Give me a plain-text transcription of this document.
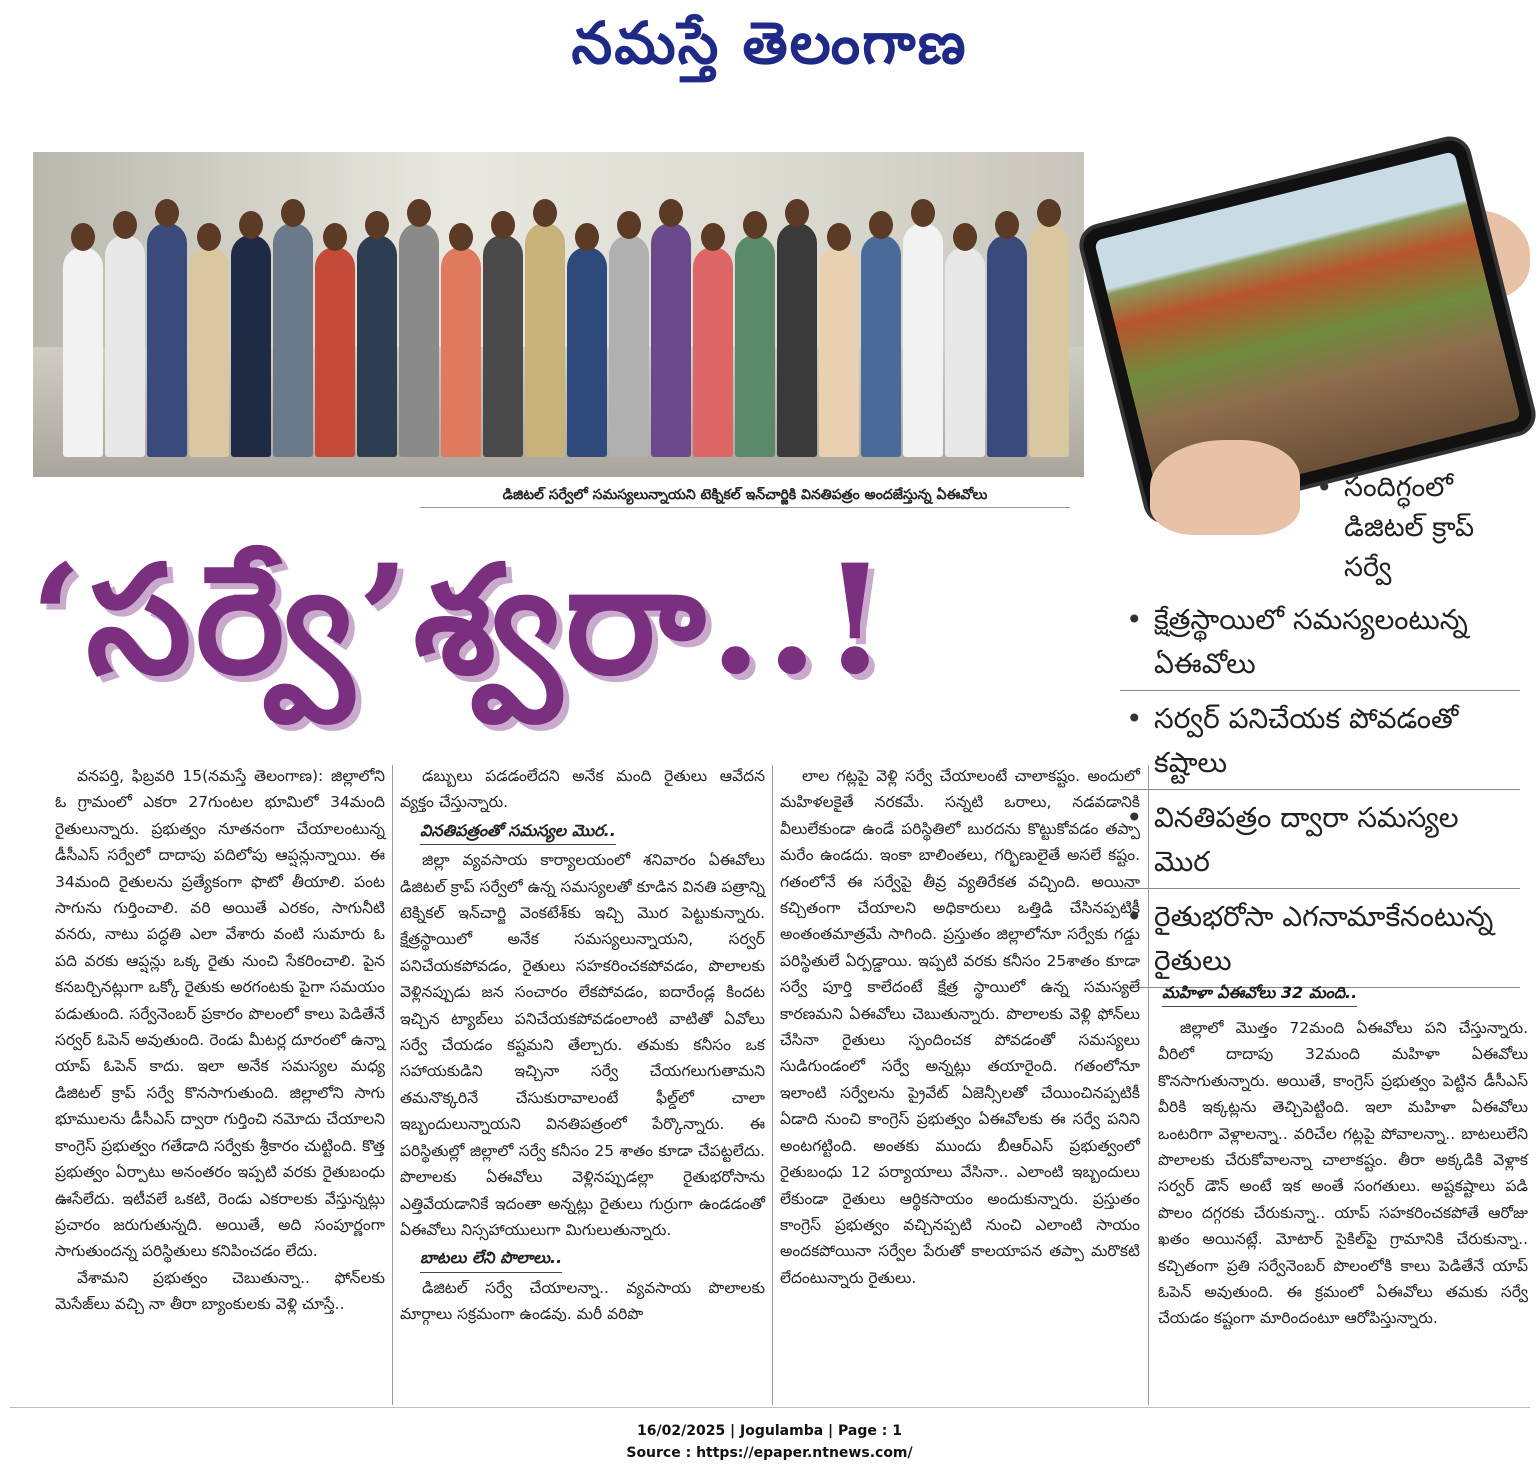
నమస్తే తెలంగాణ
డిజిటల్ సర్వేలో సమస్యలున్నాయని టెక్నికల్ ఇన్‌చార్జికి వినతిపత్రం అందజేస్తున్న ఏఈవోలు
‘సర్వే’శ్వరా..!
• సందిగ్ధంలో డిజిటల్ క్రాప్ సర్వే
• క్షేత్రస్థాయిలో సమస్యలంటున్న ఏఈవోలు
• సర్వర్ పనిచేయక పోవడంతో కష్టాలు
• వినతిపత్రం ద్వారా సమస్యల మొర
• రైతుభరోసా ఎగనామాకేనంటున్న రైతులు

వనపర్తి, ఫిబ్రవరి 15(నమస్తే తెలంగాణ): జిల్లాలోని ఓ గ్రామంలో ఎకరా 27గుంటల భూమిలో 34మంది రైతులున్నారు. ప్రభుత్వం నూతనంగా చేయాలంటున్న డీసీఎస్ సర్వేలో దాదాపు పదిలోపు ఆప్షన్లున్నాయి. ఈ 34మంది రైతులను ప్రత్యేకంగా ఫొటో తీయాలి. పంట సాగును గుర్తించాలి. వరి అయితే ఎరకం, సాగునీటి వనరు, నాటు పద్ధతి ఎలా వేశారు వంటి సుమారు ఓ పది వరకు ఆప్షన్లు ఒక్క రైతు నుంచి సేకరించాలి. పైన కనబర్చినట్లుగా ఒక్కో రైతుకు అరగంటకు పైగా సమయం పడుతుంది. సర్వేనెంబర్ ప్రకారం పొలంలో కాలు పెడితేనే సర్వర్ ఓపెన్ అవుతుంది. రెండు మీటర్ల దూరంలో ఉన్నా యాప్ ఓపెన్ కాదు. ఇలా అనేక సమస్యల మధ్య డిజిటల్ క్రాప్ సర్వే కొనసాగుతుంది. జిల్లాలోని సాగు భూములను డీసీఎస్ ద్వారా గుర్తించి నమోదు చేయాలని కాంగ్రెస్ ప్రభుత్వం గతేడాది సర్వేకు శ్రీకారం చుట్టింది. కొత్త ప్రభుత్వం ఏర్పాటు అనంతరం ఇప్పటి వరకు రైతుబంధు ఊసేలేదు. ఇటీవలే ఒకటి, రెండు ఎకరాలకు వేస్తున్నట్లు ప్రచారం జరుగుతున్నది. అయితే, అది సంపూర్ణంగా సాగుతుందన్న పరిస్థితులు కనిపించడం లేదు.

వేశామని ప్రభుత్వం చెబుతున్నా.. ఫోన్‌లకు మెసేజ్‌లు వచ్చి నా తీరా బ్యాంకులకు వెళ్లి చూస్తే..

డబ్బులు పడడంలేదని అనేక మంది రైతులు ఆవేదన వ్యక్తం చేస్తున్నారు.

వినతిపత్రంతో సమస్యల మొర..

జిల్లా వ్యవసాయ కార్యాలయంలో శనివారం ఏఈవోలు డిజిటల్ క్రాప్ సర్వేలో ఉన్న సమస్యలతో కూడిన వినతి పత్రాన్ని టెక్నికల్ ఇన్‌చార్జి వెంకటేశ్‌కు ఇచ్చి మొర పెట్టుకున్నారు. క్షేత్రస్థాయిలో అనేక సమస్యలున్నాయని, సర్వర్ పనిచేయకపోవడం, రైతులు సహకరించకపోవడం, పొలాలకు వెళ్లినప్పుడు జన సంచారం లేకపోవడం, ఐదారేండ్ల కిందట ఇచ్చిన ట్యాబ్‌లు పనిచేయకపోవడంలాంటి వాటితో ఏవోలు సర్వే చేయడం కష్టమని తేల్చారు. తమకు కనీసం ఒక సహాయకుడిని ఇచ్చినా సర్వే చేయగలుగుతామని తమనొక్కరినే చేసుకురావాలంటే ఫీల్డ్‌లో చాలా ఇబ్బందులున్నాయని వినతిపత్రంలో పేర్కొన్నారు. ఈ పరిస్థితుల్లో జిల్లాలో సర్వే కనీసం 25 శాతం కూడా చేపట్టలేదు. పొలాలకు ఏఈవోలు వెళ్లినప్పుడల్లా రైతుభరోసాను ఎత్తివేయడానికే ఇదంతా అన్నట్లు రైతులు గుర్రుగా ఉండడంతో ఏఈవోలు నిస్సహాయులుగా మిగులుతున్నారు.

బాటలు లేని పొలాలు..

డిజిటల్ సర్వే చేయాలన్నా.. వ్యవసాయ పొలాలకు మార్గాలు సక్రమంగా ఉండవు. మరీ వరిపొ

లాల గట్లపై వెళ్లి సర్వే చేయాలంటే చాలాకష్టం. అందులో మహిళలకైతే నరకమే. సన్నటి ఒరాలు, నడవడానికి వీలులేకుండా ఉండే పరిస్థితిలో బురదను కొట్టుకోవడం తప్పా మరేం ఉండదు. ఇంకా బాలింతలు, గర్భిణులైతే అసలే కష్టం. గతంలోనే ఈ సర్వేపై తీవ్ర వ్యతిరేకత వచ్చింది. అయినా కచ్చితంగా చేయాలని అధికారులు ఒత్తిడి చేసినప్పటికీ అంతంతమాత్రమే సాగింది. ప్రస్తుతం జిల్లాలోనూ సర్వేకు గడ్డు పరిస్థితులే ఏర్పడ్డాయి. ఇప్పటి వరకు కనీసం 25శాతం కూడా సర్వే పూర్తి కాలేదంటే క్షేత్ర స్థాయిలో ఉన్న సమస్యలే కారణమని ఏఈవోలు చెబుతున్నారు. పొలాలకు వెళ్లి ఫోన్‌లు చేసినా రైతులు స్పందించక పోవడంతో సమస్యలు సుడిగుండంలో సర్వే అన్నట్లు తయారైంది. గతంలోనూ ఇలాంటి సర్వేలను ప్రైవేట్ ఏజెన్సీలతో చేయించినప్పటికీ ఏడాది నుంచి కాంగ్రెస్ ప్రభుత్వం ఏఈవోలకు ఈ సర్వే పనిని అంటగట్టింది. అంతకు ముందు బీఆర్ఎస్ ప్రభుత్వంలో రైతుబంధు 12 పర్యాయాలు వేసినా.. ఎలాంటి ఇబ్బందులు లేకుండా రైతులు ఆర్థికసాయం అందుకున్నారు. ప్రస్తుతం కాంగ్రెస్ ప్రభుత్వం వచ్చినప్పటి నుంచి ఎలాంటి సాయం అందకపోయినా సర్వేల పేరుతో కాలయాపన తప్పా మరొకటి లేదంటున్నారు రైతులు.

మహిళా ఏఈవోలు 32 మంది..

జిల్లాలో మొత్తం 72మంది ఏఈవోలు పని చేస్తున్నారు. వీరిలో దాదాపు 32మంది మహిళా ఏఈవోలు కొనసాగుతున్నారు. అయితే, కాంగ్రెస్ ప్రభుత్వం పెట్టిన డీసీఎస్ వీరికి ఇక్కట్లను తెచ్చిపెట్టింది. ఇలా మహిళా ఏఈవోలు ఒంటరిగా వెళ్లాలన్నా.. వరిచేల గట్లపై పోవాలన్నా.. బాటలులేని పొలాలకు చేరుకోవాలన్నా చాలాకష్టం. తీరా అక్కడికి వెళ్లాక సర్వర్ డౌన్ అంటే ఇక అంతే సంగతులు. అష్టకష్టాలు పడి పొలం దగ్గరకు చేరుకున్నా.. యాప్ సహకరించకపోతే ఆరోజు ఖతం అయినట్లే. మోటార్ సైకిల్‌పై గ్రామానికి చేరుకున్నా.. కచ్చితంగా ప్రతి సర్వేనెంబర్ పొలంలోకి కాలు పెడితేనే యాప్ ఓపెన్ అవుతుంది. ఈ క్రమంలో ఏఈవోలు తమకు సర్వే చేయడం కష్టంగా మారిందంటూ ఆరోపిస్తున్నారు.

16/02/2025 | Jogulamba | Page : 1
Source : https://epaper.ntnews.com/
